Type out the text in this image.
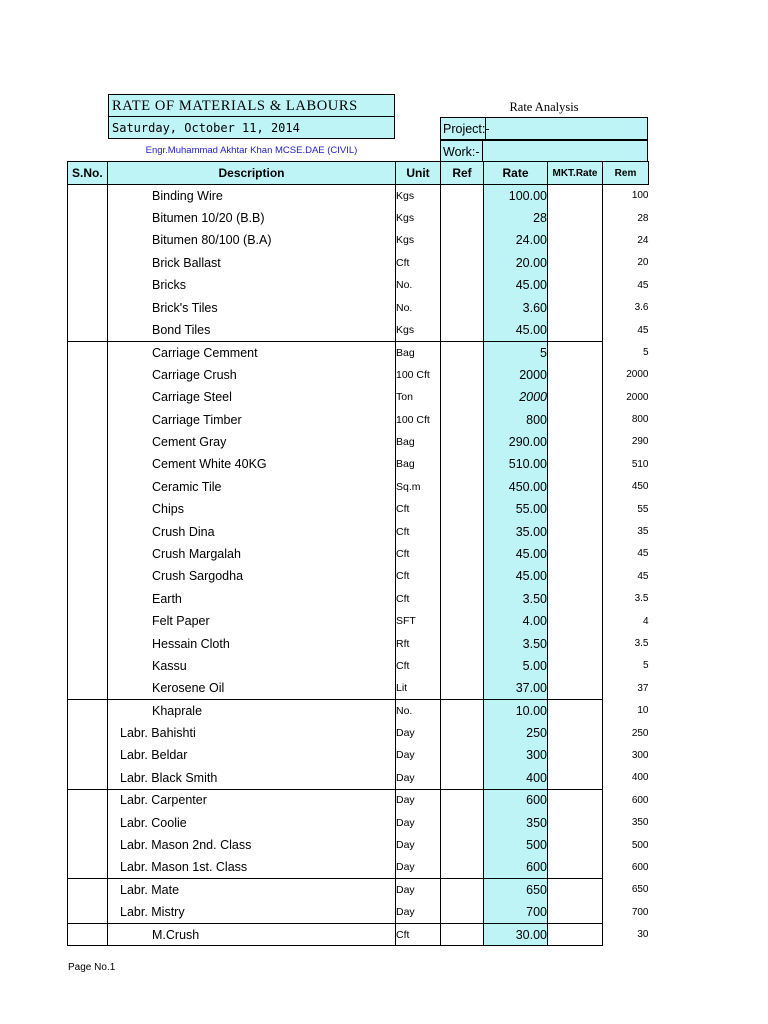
RATE OF MATERIALS & LABOURS
Saturday, October 11, 2014
Engr.Muhammad Akhtar Khan MCSE.DAE (CIVIL)
Rate Analysis
Project:-
Work:-
S.No.	Description	Unit	Ref	Rate	MKT.Rate	Rem
	Binding Wire	Kgs		100.00		100
	Bitumen 10/20 (B.B)	Kgs		28		28
	Bitumen 80/100 (B.A)	Kgs		24.00		24
	Brick Ballast	Cft		20.00		20
	Bricks	No.		45.00		45
	Brick's Tiles	No.		3.60		3.6
	Bond Tiles	Kgs		45.00		45
	Carriage Cemment	Bag		5		5
	Carriage Crush	100 Cft		2000		2000
	Carriage Steel	Ton		2000		2000
	Carriage Timber	100 Cft		800		800
	Cement Gray	Bag		290.00		290
	Cement White 40KG	Bag		510.00		510
	Ceramic Tile	Sq.m		450.00		450
	Chips	Cft		55.00		55
	Crush Dina	Cft		35.00		35
	Crush Margalah	Cft		45.00		45
	Crush Sargodha	Cft		45.00		45
	Earth	Cft		3.50		3.5
	Felt Paper	SFT		4.00		4
	Hessain Cloth	Rft		3.50		3.5
	Kassu	Cft		5.00		5
	Kerosene Oil	Lit		37.00		37
	Khaprale	No.		10.00		10
	Labr. Bahishti	Day		250		250
	Labr. Beldar	Day		300		300
	Labr. Black Smith	Day		400		400
	Labr. Carpenter	Day		600		600
	Labr. Coolie	Day		350		350
	Labr. Mason 2nd. Class	Day		500		500
	Labr. Mason 1st. Class	Day		600		600
	Labr. Mate	Day		650		650
	Labr. Mistry	Day		700		700
	M.Crush	Cft		30.00		30
Page No.1
